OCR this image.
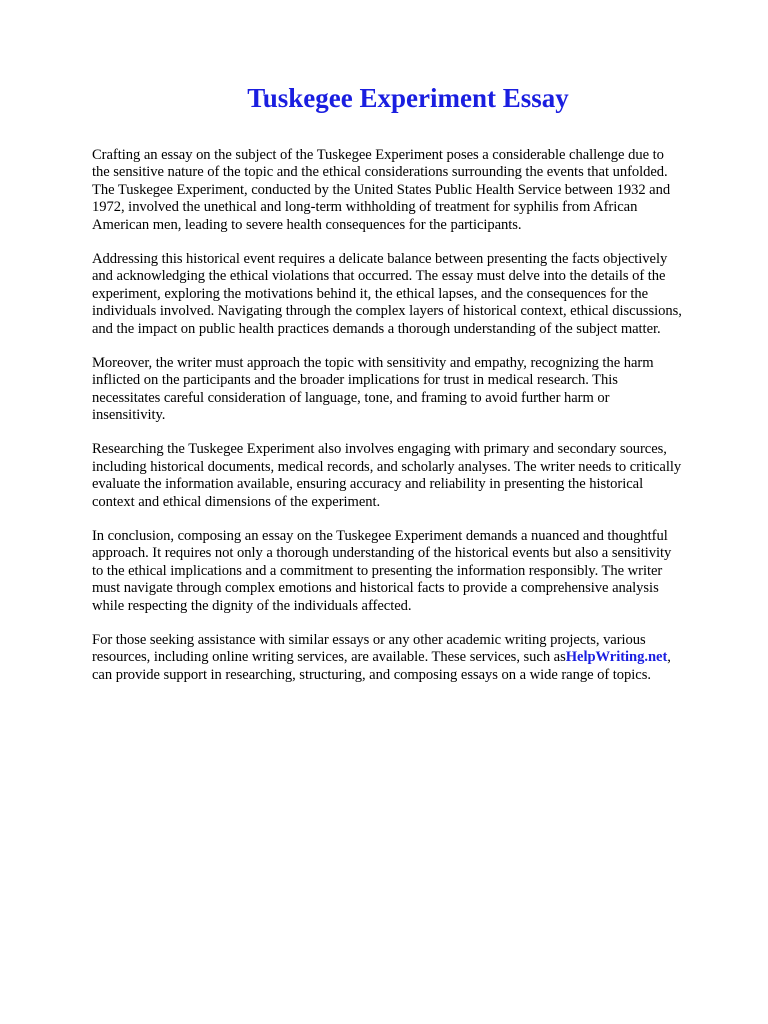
Tuskegee Experiment Essay

Crafting an essay on the subject of the Tuskegee Experiment poses a considerable challenge due to
the sensitive nature of the topic and the ethical considerations surrounding the events that unfolded.
The Tuskegee Experiment, conducted by the United States Public Health Service between 1932 and
1972, involved the unethical and long-term withholding of treatment for syphilis from African
American men, leading to severe health consequences for the participants.

Addressing this historical event requires a delicate balance between presenting the facts objectively
and acknowledging the ethical violations that occurred. The essay must delve into the details of the
experiment, exploring the motivations behind it, the ethical lapses, and the consequences for the
individuals involved. Navigating through the complex layers of historical context, ethical discussions,
and the impact on public health practices demands a thorough understanding of the subject matter.

Moreover, the writer must approach the topic with sensitivity and empathy, recognizing the harm
inflicted on the participants and the broader implications for trust in medical research. This
necessitates careful consideration of language, tone, and framing to avoid further harm or
insensitivity.

Researching the Tuskegee Experiment also involves engaging with primary and secondary sources,
including historical documents, medical records, and scholarly analyses. The writer needs to critically
evaluate the information available, ensuring accuracy and reliability in presenting the historical
context and ethical dimensions of the experiment.

In conclusion, composing an essay on the Tuskegee Experiment demands a nuanced and thoughtful
approach. It requires not only a thorough understanding of the historical events but also a sensitivity
to the ethical implications and a commitment to presenting the information responsibly. The writer
must navigate through complex emotions and historical facts to provide a comprehensive analysis
while respecting the dignity of the individuals affected.

For those seeking assistance with similar essays or any other academic writing projects, various
resources, including online writing services, are available. These services, such asHelpWriting.net,
can provide support in researching, structuring, and composing essays on a wide range of topics.
